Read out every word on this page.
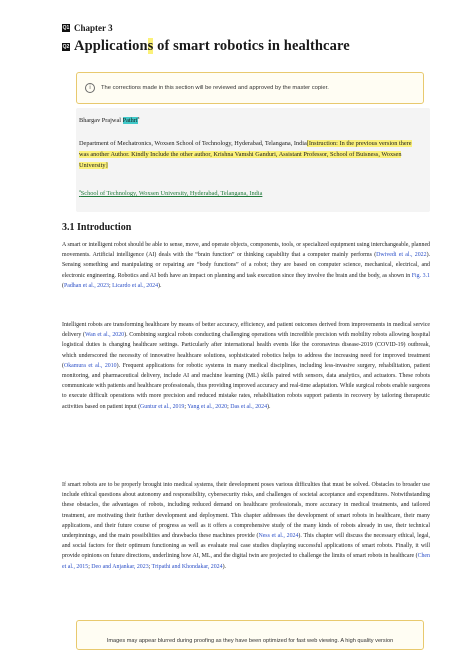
Q1 Chapter 3
Q2 Applications of smart robotics in healthcare
i	The corrections made in this section will be reviewed and approved by the master copier.
Bhargav Prajwal Pathri$^a$
Department of Mechatronics, Woxsen School of Technology, Hyderabad, Telangana, India[Instruction: In the previous version there was another Author. Kindly Include the other author, Krishna Vamshi Ganduri, Assistant Professor, School of Buisness, Woxsen University]
$^a$School of Technology, Woxsen University, Hyderabad, Telangana, India
3.1 Introduction

A smart or intelligent robot should be able to sense, move, and operate objects, components, tools, or specialized equipment using interchangeable, planned movements. Artificial intelligence (AI) deals with the “brain function” or thinking capability that a computer mainly performs (Dwivedi et al., 2022). Sensing something and manipulating or repairing are “body functions” of a robot; they are based on computer science, mechanical, electrical, and electronic engineering. Robotics and AI both have an impact on planning and task execution since they involve the brain and the body, as shown in Fig. 3.1 (Padhan et al., 2023; Licardo et al., 2024).

Intelligent robots are transforming healthcare by means of better accuracy, efficiency, and patient outcomes derived from improvements in medical service delivery (Wan et al., 2020). Combining surgical robots conducting challenging operations with incredible precision with mobility robots allowing hospital logistical duties is changing healthcare settings. Particularly after international health events like the coronavirus disease-2019 (COVID-19) outbreak, which underscored the necessity of innovative healthcare solutions, sophisticated robotics helps to address the increasing need for improved treatment (Okamura et al., 2010). Frequent applications for robotic systems in many medical disciplines, including less-invasive surgery, rehabilitation, patient monitoring, and pharmaceutical delivery, include AI and machine learning (ML) skills paired with sensors, data analytics, and actuators. These robots communicate with patients and healthcare professionals, thus providing improved accuracy and real-time adaptation. While surgical robots enable surgeons to execute difficult operations with more precision and reduced mistake rates, rehabilitation robots support patients in recovery by tailoring therapeutic activities based on patient input (Guntur et al., 2019; Yang et al., 2020; Das et al., 2024).

If smart robots are to be properly brought into medical systems, their development poses various difficulties that must be solved. Obstacles to broader use include ethical questions about autonomy and responsibility, cybersecurity risks, and challenges of societal acceptance and expenditures. Notwithstanding these obstacles, the advantages of robots, including reduced demand on healthcare professionals, more accuracy in medical treatments, and tailored treatment, are motivating their further development and deployment. This chapter addresses the development of smart robots in healthcare, their many applications, and their future course of progress as well as it offers a comprehensive study of the many kinds of robots already in use, their technical underpinnings, and the main possibilities and drawbacks these machines provide (Ness et al., 2024). This chapter will discuss the necessary ethical, legal, and social factors for their optimum functioning as well as evaluate real case studies displaying successful applications of smart robots. Finally, it will provide opinions on future directions, underlining how AI, ML, and the digital twin are projected to challenge the limits of smart robots in healthcare (Chen et al., 2015; Deo and Anjankar, 2023; Tripathi and Khondakar, 2024).

Images may appear blurred during proofing as they have been optimized for fast web viewing. A high quality version
